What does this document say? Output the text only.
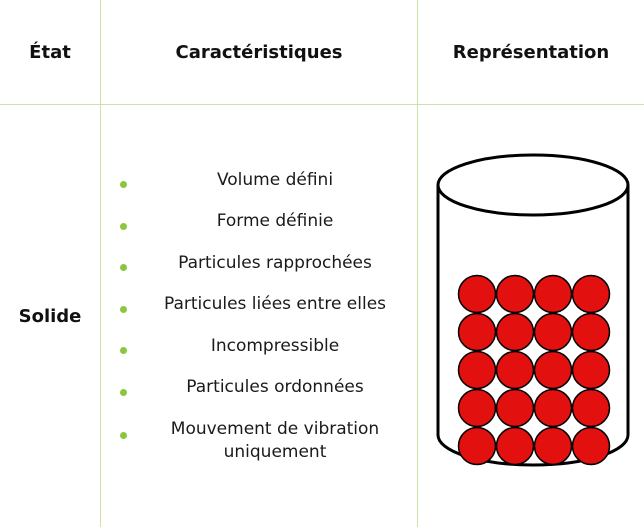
État	Caractéristiques	Représentation
Solide
Volume défini
Forme définie
Particules rapprochées
Particules liées entre elles
Incompressible
Particules ordonnées
Mouvement de vibration uniquement
